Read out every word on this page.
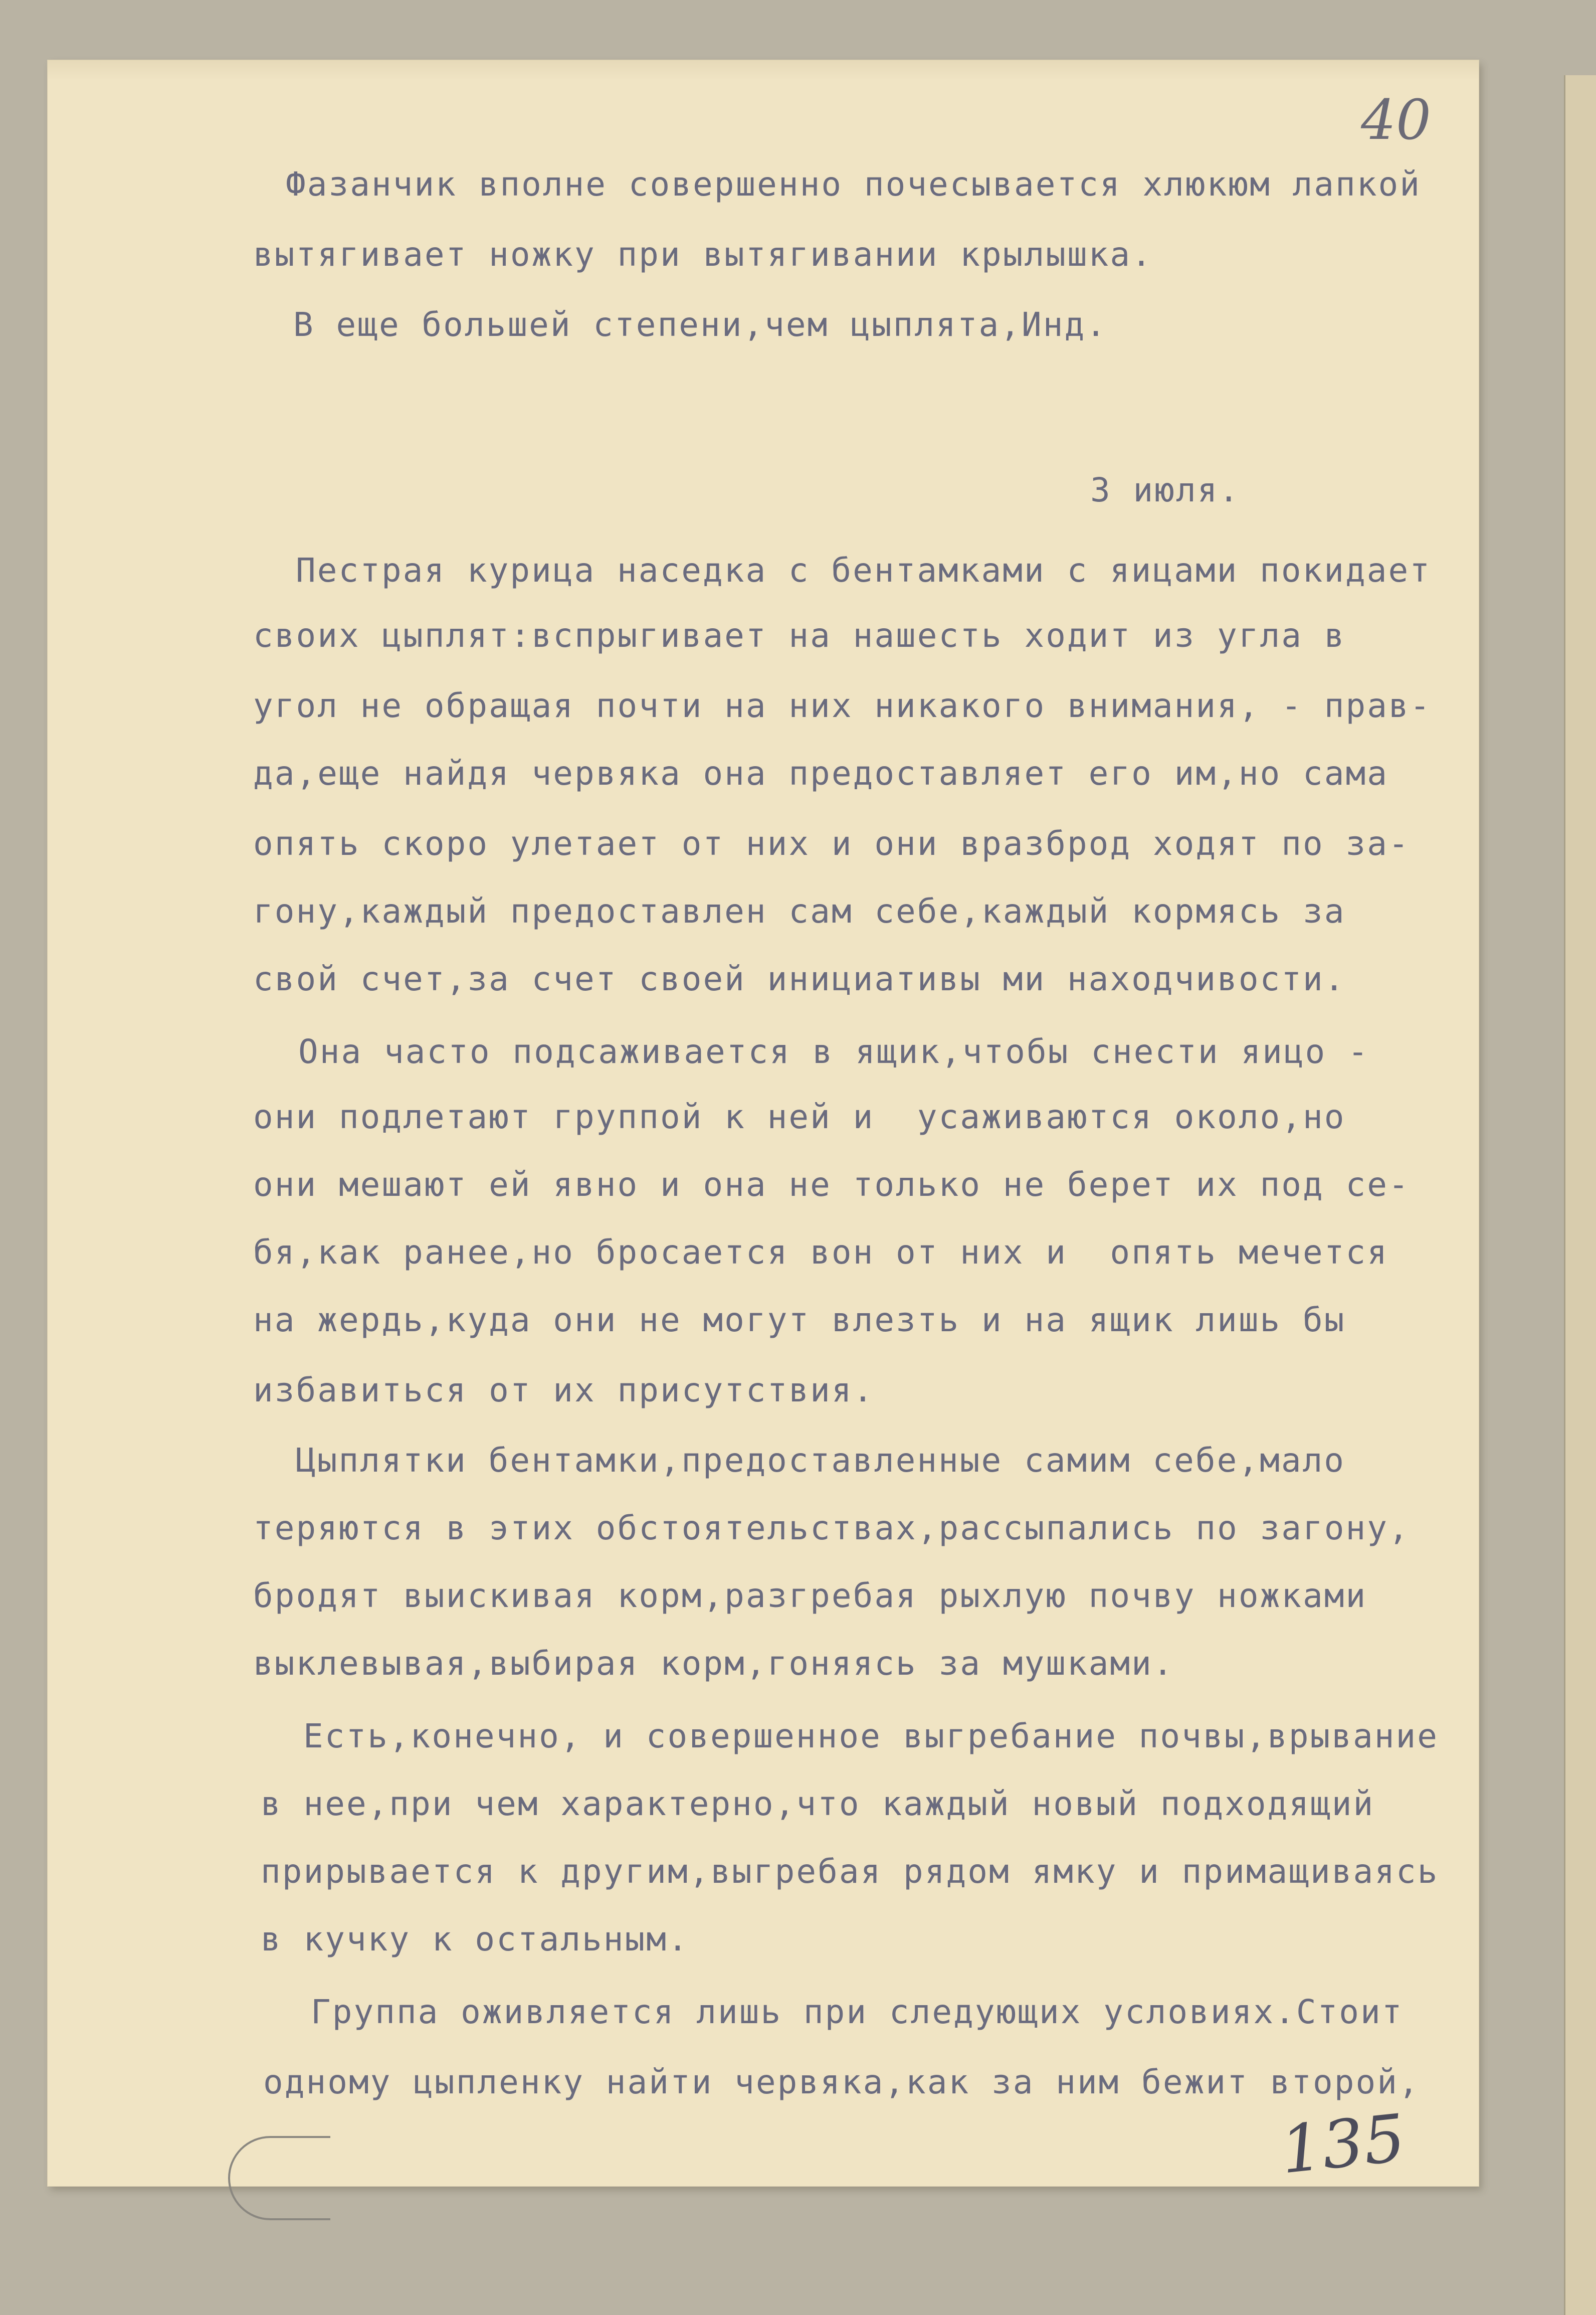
40
Фазанчик вполне совершенно почесывается хлюкюм лапкой
вытягивает ножку при вытягивании крылышка.
В еще большей степени,чем цыплята,Инд.
3 июля.
Пестрая курица наседка с бентамками с яицами покидает
своих цыплят:вспрыгивает на нашесть ходит из угла в
угол не обращая почти на них никакого внимания, - прав-
да,еще найдя червяка она предоставляет его им,но сама
опять скоро улетает от них и они вразброд ходят по за-
гону,каждый предоставлен сам себе,каждый кормясь за
свой счет,за счет своей инициативы ми находчивости.
Она часто подсаживается в ящик,чтобы снести яицо -
они подлетают группой к ней и  усаживаются около,но
они мешают ей явно и она не только не берет их под се-
бя,как ранее,но бросается вон от них и  опять мечется
на жердь,куда они не могут влезть и на ящик лишь бы
избавиться от их присутствия.
Цыплятки бентамки,предоставленные самим себе,мало
теряются в этих обстоятельствах,рассыпались по загону,
бродят выискивая корм,разгребая рыхлую почву ножками
выклевывая,выбирая корм,гоняясь за мушками.
Есть,конечно, и совершенное выгребание почвы,врывание
в нее,при чем характерно,что каждый новый подходящий
прирывается к другим,выгребая рядом ямку и примащиваясь
в кучку к остальным.
Группа оживляется лишь при следующих условиях.Стоит
одному цыпленку найти червяка,как за ним бежит второй,
135
